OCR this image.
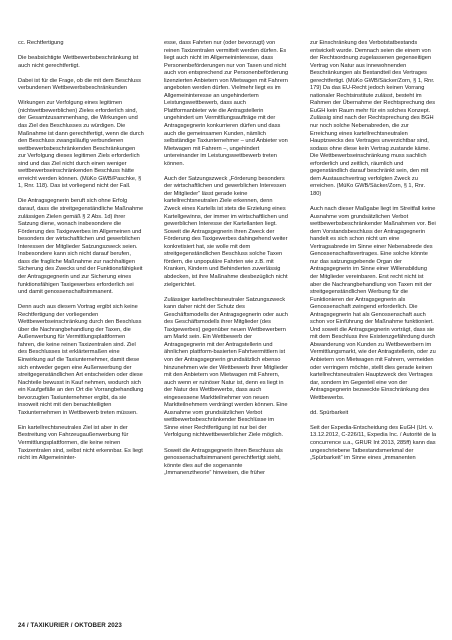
cc. Rechtfertigung

Die beabsichtigte Wettbewerbsbeschränkung ist auch nicht gerechtfertigt.

Dabei ist für die Frage, ob die mit dem Beschluss verbundenen Wettbewerbsbeschränkunden

Wirkungen zur Verfolgung eines legitimen (nichtwettbewerblichen) Zieles erforderlich sind, der Gesamtzusammenhang, die Wirkungen und das Ziel des Beschlusses zu würdigen. Die Maßnahme ist dann gerechtfertigt, wenn die durch den Beschluss zwangsläufig verbundenen wettbewerbsbeschränkenden Beschränkungen zur Verfolgung dieses legitimen Ziels erforderlich sind und das Ziel nicht durch einen weniger wettbewerbseinschränkenden Beschluss hätte erreicht werden können. (MüKo GWB/Paschke, § 1, Rnr. 118). Das ist vorliegend nicht der Fall.

Die Antragsgegnerin beruft sich ohne Erfolg darauf, dass die streitgegenständliche Maßnahme zulässigen Zielen gemäß § 2 Abs. 1d) ihrer Satzung diene, wonach insbesondere die Förderung des Taxigewerbes im Allgemeinen und besonders der wirtschaftlichen und gewerblichen Interessen der Mitglieder Satzungszweck seien. Insbesondere kann sich nicht darauf berufen, dass die fragliche Maßnahme zur nachhaltigen Sicherung des Zwecks und der Funktionsfähigkeit der Antragsgegnerin und zur Sicherung eines funktionsfähigen Taxigewerbes erforderlich sei und damit genossenschaftsimmanent.

Denn auch aus diesem Vortrag ergibt sich keine Rechtfertigung der vorliegenden Wettbewerbseinschränkung durch den Beschluss über die Nachrangbehandlung der Taxen, die Außenwerbung für Vermittlungsplattformen fahren, die keine reinen Taxizentralen sind. Ziel des Beschlusses ist erklärtermaßen eine Einwirkung auf die Taxiunternehmer, damit diese sich entweder gegen eine Außenwerbung der streitgegenständlichen Art entscheiden oder diese Nachteile bewusst in Kauf nehmen, wodurch sich ein Kaufgefälle an den Ort die Vorrangbehandlung bevorzugten Taxiunternehmer ergibt, da sie insoweit nicht mit den benachteiligten Taxiunternehmen in Wettbewerb treten müssen.

Ein kartellrechtsneutrales Ziel ist aber in der Bestreitung von Fahrzeugaußenwerbung für Vermittlungsplattformen, die keine reinen Taxizentralen sind, selbst nicht erkennbar. Es liegt nicht im Allgemeininter-

esse, dass Fahrten nur (oder bevorzugt) von reinen Taxizentralen vermittelt werden dürfen. Es liegt auch nicht im Allgemeininteresse, dass Personenbeförderungen nur von Taxen und nicht auch von entsprechend zur Personenbeförderung lizenzierten Anbietern von Mietwagen mit Fahrern angeboten werden dürfen. Vielmehr liegt es im Allgemeininteresse an ungehindertem Leistungswettbewerb, dass auch Plattformanbieter wie die Antragstellerin ungehindert um Vermittlungsaufträge mit der Antragsgegnerin konkurrieren dürfen und dass auch die gemeinsamen Kunden, nämlich selbständige Taxiunternehmer – und Anbieter von Mietwagen mit Fahrern –, ungehindert untereinander im Leistungswettbewerb treten können.

Auch der Satzungszweck „Förderung besonders der wirtschaftlichen und gewerblichen Interessen der Mitglieder“ lässt gerade keine kartellrechtsneutralen Ziele erkennen, denn Zweck eines Kartells ist stets die Erzielung eines Kartellgewinns, der immer im wirtschaftlichen und gewerblichen Interesse der Kartellanten liegt. Soweit die Antragsgegnerin ihren Zweck der Förderung des Taxigewerbes dahingehend weiter konkretisiert hat, sie wolle mit dem streitgegenständlichen Beschluss solche Taxen fördern, die unpopuläre Fahrten wie z.B. mit Kranken, Kindern und Behinderten zuverlässig abdecken, ist ihre Maßnahme diesbezüglich nicht zielgerichtet.

Zulässiger kartellrechtsneutraler Satzungszweck kann daher nicht der Schutz des Geschäftsmodells der Antragsgegnerin oder auch des Geschäftsmodells ihrer Mitglieder (des Taxigewerbes) gegenüber neuen Wettbewerbern am Markt sein. Ein Wettbewerb der Antragsgegnerin mit der Antragstellerin und ähnlichen plattform-basierten Fahrtvermittlern ist von der Antragsgegnerin grundsätzlich ebenso hinzunehmen wie der Wettbewerb ihrer Mitglieder mit den Anbietern von Mietwagen mit Fahrern, auch wenn er ruinöser Natur ist, denn es liegt in der Natur des Wettbewerbs, dass auch eingesessene Marktteilnehmer von neuen Marktteilnehmern verdrängt werden können. Eine Ausnahme vom grundsätzlichen Verbot wettbewerbsbeschränkender Beschlüsse im Sinne einer Rechtfertigung ist nur bei der Verfolgung nichtwettbewerblicher Ziele möglich.

Soweit die Antragsgegnerin ihren Beschluss als genossenschaftsimmanent gerechtfertigt sieht, könnte dies auf die sogenannte „Immanenztheorie“ hinweisen, die früher

zur Einschränkung des Verbotstatbestands entwickelt wurde. Demnach seien die einem von der Rechtsordnung zugelassenen gegenseitigen Vertrag von Natur aus innewohnenden Beschränkungen als Bestandteil des Vertrages gerechtfertigt. (MüKo GWB/Säcker/Zorn, § 1, Rnr. 179) Da das EU-Recht jedoch keinen Vorrang nationaler Rechtsinstitute zulässt, besteht im Rahmen der Übernahme der Rechtsprechung des EuGH kein Raum mehr für ein solches Konzept. Zulässig sind nach der Rechtsprechung des BGH nur noch solche Nebenabreden, die zur Erreichung eines kartellrechtsneutralen Hauptzwecks des Vertrages unverzichtbar sind, sodass ohne diese kein Vertrag zustande käme. Die Wettbewerbseinschränkung muss sachlich erforderlich und zeitlich, räumlich und gegenständlich darauf beschränkt sein, den mit dem Austauschvertrag verfolgten Zweck zu erreichen. (MüKo GWB/Säcker/Zorn, § 1, Rnr. 180)

Auch nach dieser Maßgabe liegt im Streitfall keine Ausnahme vom grundsätzlichen Verbot wettbewerbsbeschränkender Maßnahmen vor. Bei dem Vorstandsbeschluss der Antragsgegnerin handelt es sich schon nicht um eine Vertragsabrede im Sinne einer Nebenabrede des Genossenschaftsvertrages. Eine solche könnte nur das satzungsgebende Organ der Antragsgegnerin im Sinne einer Willensbildung der Mitglieder vereinbaren. Erst recht nicht ist aber die Nachrangbehandlung von Taxen mit der streitgegenständlichen Werbung für die Funktionieren der Antragsgegnerin als Genossenschaft zwingend erforderlich. Die Antragsgegnerin hat als Genossenschaft auch schon vor Einführung der Maßnahme funktioniert. Und soweit die Antragsgegnerin vorträgt, dass sie mit dem Beschluss ihre Existenzgefährdung durch Abwanderung von Kunden zu Wettbewerbern im Vermittlungsmarkt, wie der Antragstellerin, oder zu Anbietern von Mietwagen mit Fahrern, vermeiden oder verringern möchte, stellt dies gerade keinen kartellrechtsneutralen Hauptzweck des Vertrages dar, sondern im Gegenteil eine von der Antragsgegnerin bezweckte Einschränkung des Wettbewerbs.

dd. Spürbarkeit

Seit der Expedia-Entscheidung des EuGH (Urt. v. 13.12.2012, C-226/11, Expedia Inc. / Autorité de la concurrence u.a., GRUR Int 2013, 285ff) kann das ungeschriebene Tatbestandsmerkmal der „Spürbarkeit“ im Sinne eines „immanenten

24 / TAXIKURIER / OKTOBER 2023
